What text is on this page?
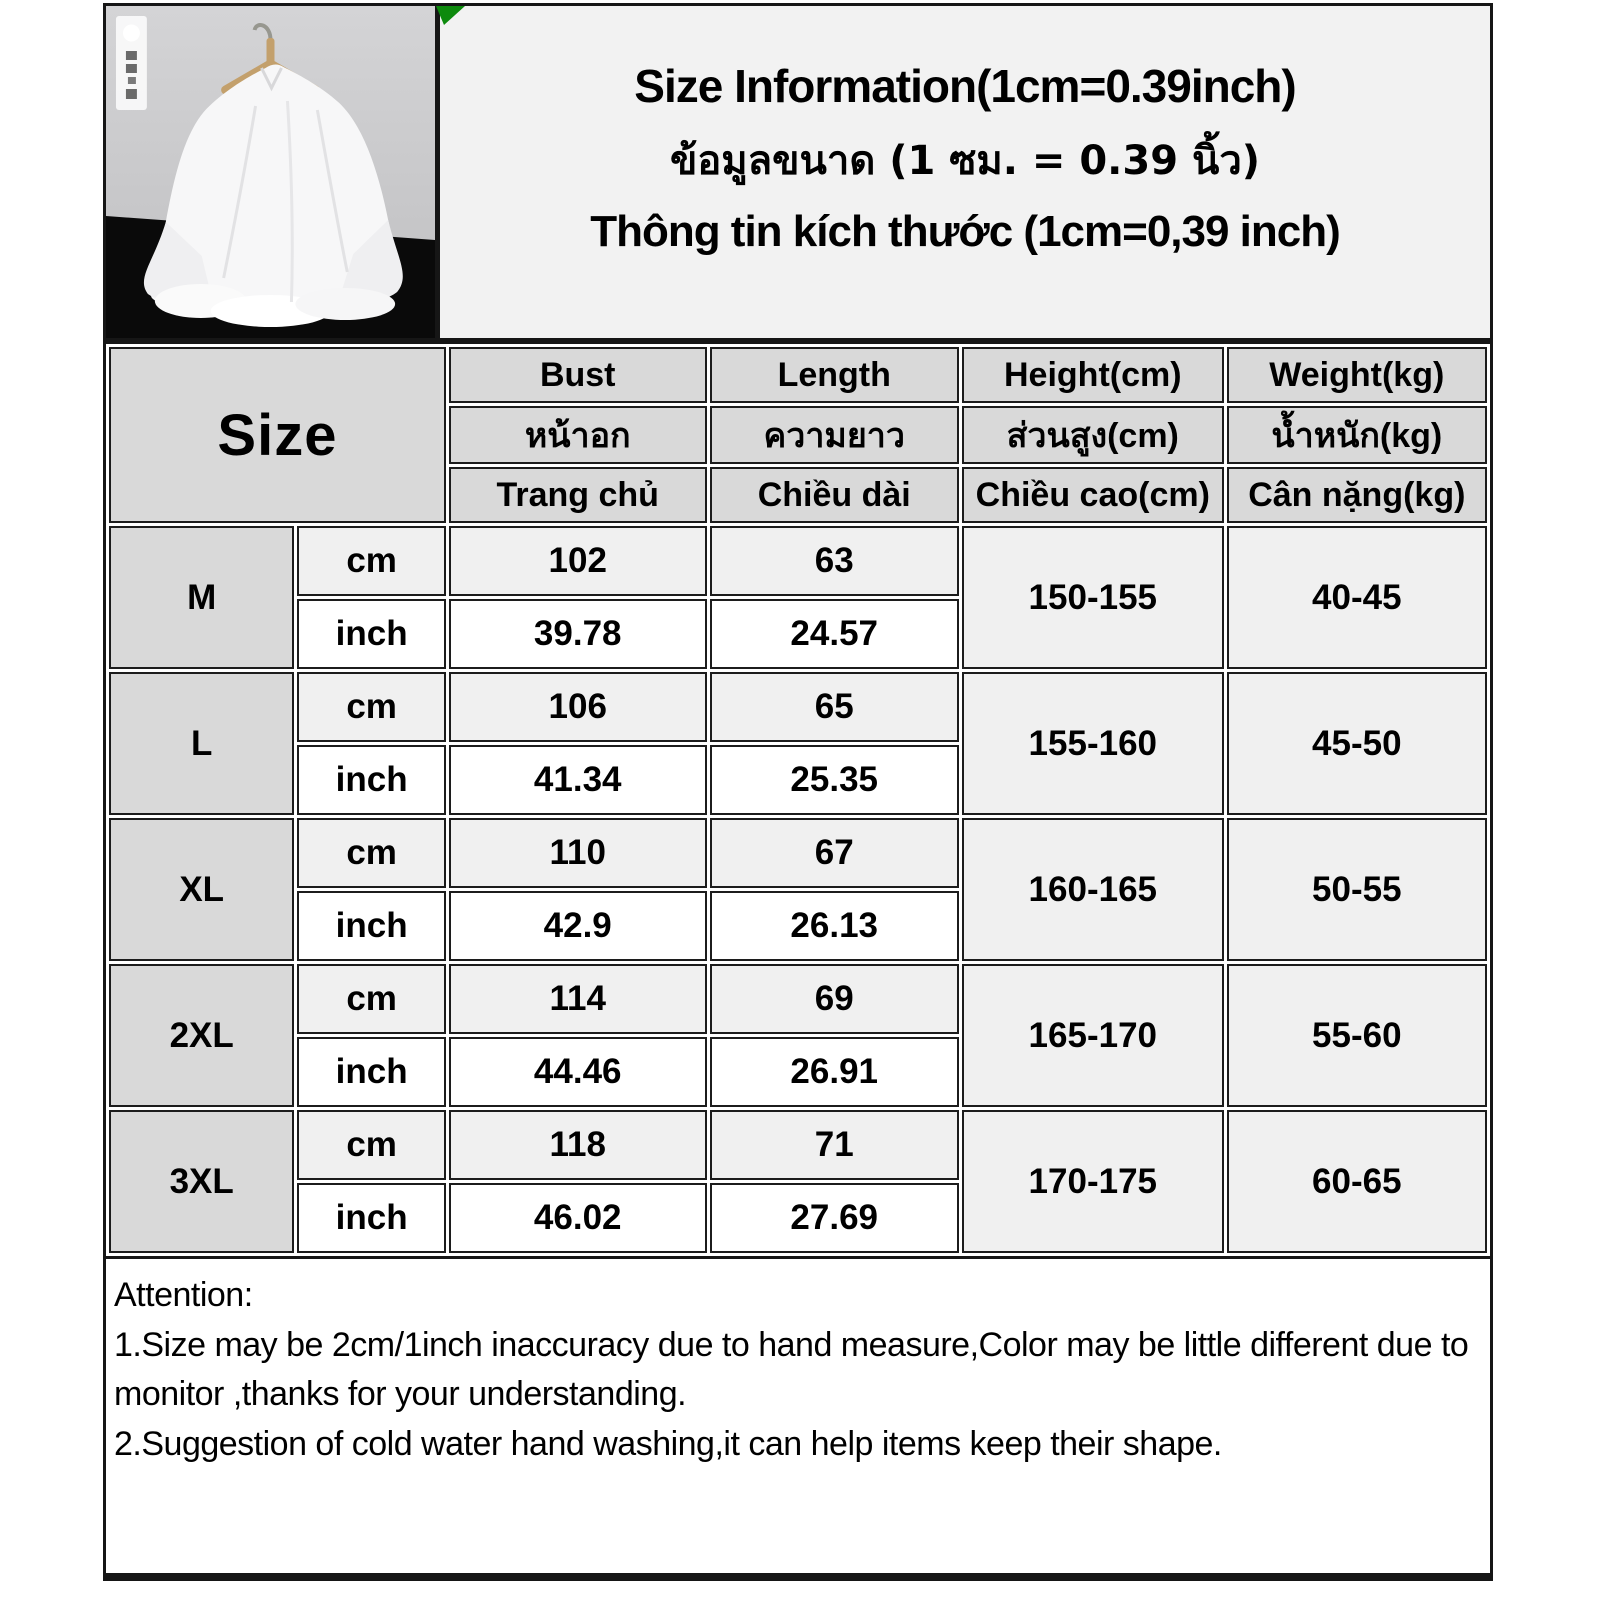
Size Information(1cm=0.39inch)
ข้อมูลขนาด (1 ซม. = 0.39 นิ้ว)
Thông tin kích thước (1cm=0,39 inch)
Size		Bust	Length	Height(cm)	Weight(kg)
		หน้าอก	ความยาว	ส่วนสูง(cm)	น้ำหนัก(kg)
		Trang chủ	Chiều dài	Chiều cao(cm)	Cân nặng(kg)
M	cm	102	63	150-155	40-45
	inch	39.78	24.57		
L	cm	106	65	155-160	45-50
	inch	41.34	25.35		
XL	cm	110	67	160-165	50-55
	inch	42.9	26.13		
2XL	cm	114	69	165-170	55-60
	inch	44.46	26.91		
3XL	cm	118	71	170-175	60-65
	inch	46.02	27.69		
Attention:
1.Size may be 2cm/1inch inaccuracy due to hand measure,Color may be little different due to monitor ,thanks for your understanding.
2.Suggestion of cold water hand washing,it can help items keep their shape.
